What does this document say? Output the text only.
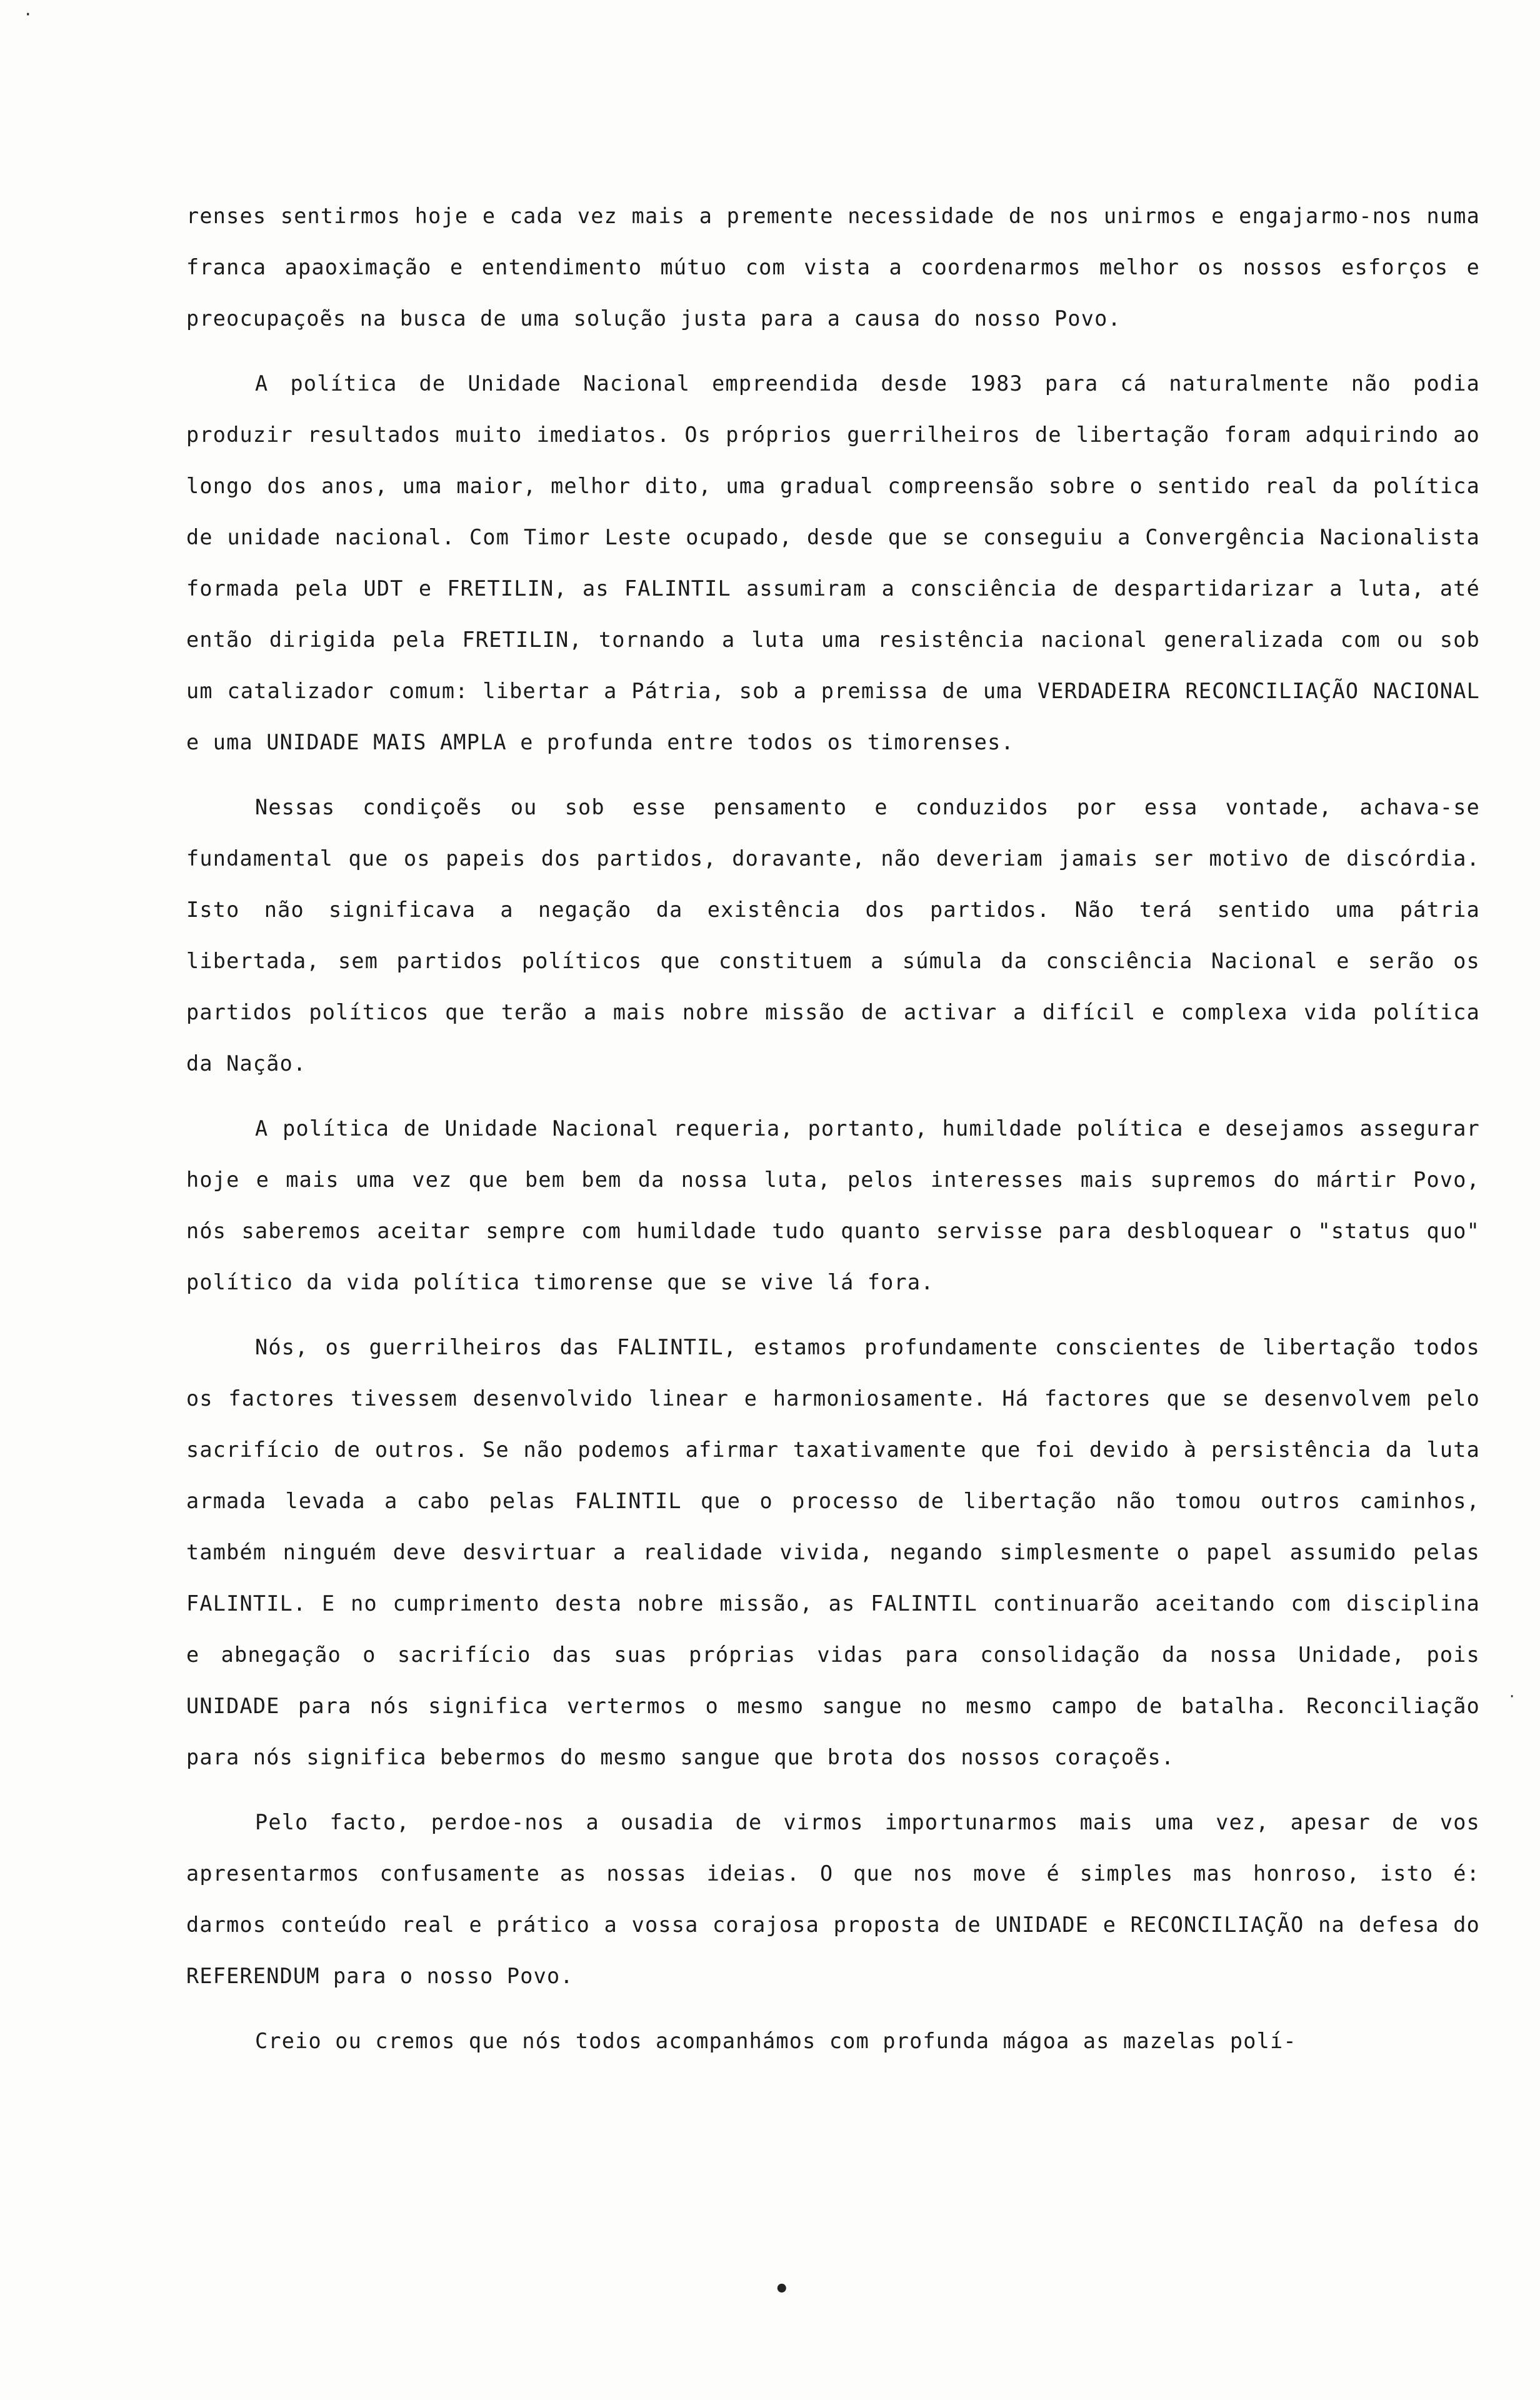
·

renses sentirmos hoje e cada vez mais a premente necessidade de nos unirmos e engajarmo-nos numa franca apaoximação e entendimento mútuo com vista a coordenarmos melhor os nossos esforços e preocupaçoẽs na busca de uma solução justa para a causa do nosso Povo.

A política de Unidade Nacional empreendida desde 1983 para cá naturalmente não podia produzir resultados muito imediatos. Os próprios guerrilheiros de libertação foram adquirindo ao longo dos anos, uma maior, melhor dito, uma gradual compreensão sobre o sentido real da política de unidade nacional. Com Timor Leste ocupado, desde que se conseguiu a Convergência Nacionalista formada pela UDT e FRETILIN, as FALINTIL assumiram a consciência de despartidarizar a luta, até então dirigida pela FRETILIN, tornando a luta uma resistência nacional generalizada com ou sob um catalizador comum: libertar a Pátria, sob a premissa de uma VERDADEIRA RECONCILIAÇÃO NACIONAL e uma UNIDADE MAIS AMPLA e profunda entre todos os timorenses.

Nessas condiçoẽs ou sob esse pensamento e conduzidos por essa vontade, achava-se fundamental que os papeis dos partidos, doravante, não deveriam jamais ser motivo de discórdia. Isto não significava a negação da existência dos partidos. Não terá sentido uma pátria libertada, sem partidos políticos que constituem a súmula da consciência Nacional e serão os partidos políticos que terão a mais nobre missão de activar a difícil e complexa vida política da Nação.

A política de Unidade Nacional requeria, portanto, humildade política e desejamos assegurar hoje e mais uma vez que bem bem da nossa luta, pelos interesses mais supremos do mártir Povo, nós saberemos aceitar sempre com humildade tudo quanto servisse para desbloquear o "status quo" político da vida política timorense que se vive lá fora.

Nós, os guerrilheiros das FALINTIL, estamos profundamente conscientes de libertação todos os factores tivessem desenvolvido linear e harmoniosamente. Há factores que se desenvolvem pelo sacrifício de outros. Se não podemos afirmar taxativamente que foi devido à persistência da luta armada levada a cabo pelas FALINTIL que o processo de libertação não tomou outros caminhos, também ninguém deve desvirtuar a realidade vivida, negando simplesmente o papel assumido pelas FALINTIL. E no cumprimento desta nobre missão, as FALINTIL continuarão aceitando com disciplina e abnegação o sacrifício das suas próprias vidas para consolidação da nossa Unidade, pois UNIDADE para nós significa vertermos o mesmo sangue no mesmo campo de batalha. Reconciliação para nós significa bebermos do mesmo sangue que brota dos nossos coraçoẽs.

Pelo facto, perdoe-nos a ousadia de virmos importunarmos mais uma vez, apesar de vos apresentarmos confusamente as nossas ideias. O que nos move é simples mas honroso, isto é: darmos conteúdo real e prático a vossa corajosa proposta de UNIDADE e RECONCILIAÇÃO na defesa do REFERENDUM para o nosso Povo.

Creio ou cremos que nós todos acompanhámos com profunda mágoa as mazelas polí-

•
·
